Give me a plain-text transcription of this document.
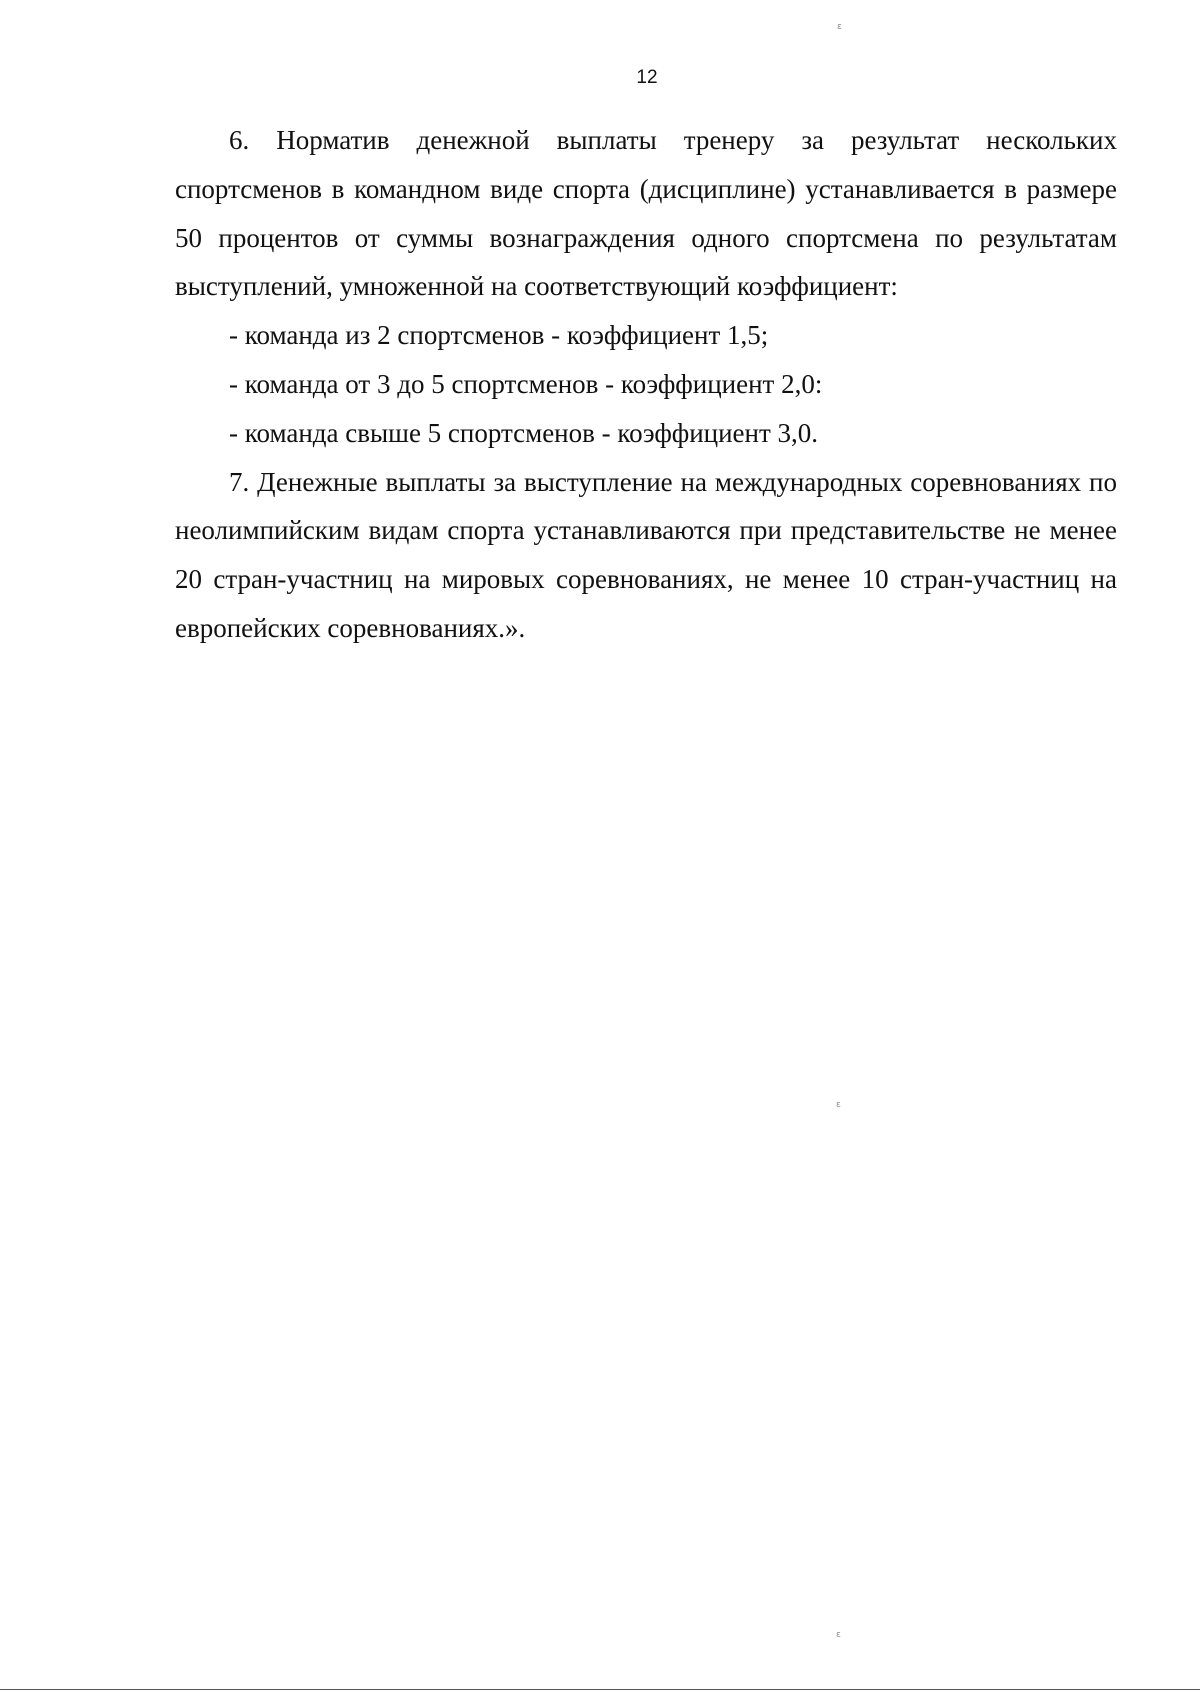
ε
12

6. Норматив денежной выплаты тренеру за результат нескольких спортсменов в командном виде спорта (дисциплине) устанавливается в размере 50 процентов от суммы вознаграждения одного спортсмена по результатам выступлений, умноженной на соответствующий коэффициент:

- команда из 2 спортсменов - коэффициент 1,5;

- команда от 3 до 5 спортсменов - коэффициент 2,0:

- команда свыше 5 спортсменов - коэффициент 3,0.

7. Денежные выплаты за выступление на международных соревнованиях по неолимпийским видам спорта устанавливаются при представительстве не менее 20 стран-участниц на мировых соревнованиях, не менее 10 стран-участниц на европейских соревнованиях.».

ε
ε
